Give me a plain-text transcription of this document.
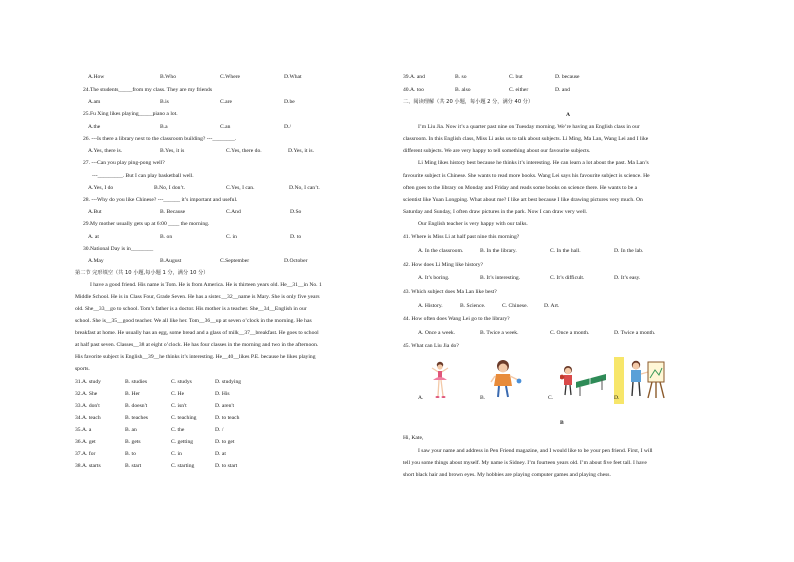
A.How	B.Who	C.Where	D.What
24.The students_____from my class. They are my friends
A.am	B.is	C.are	D.be
25.Fu Xing likes playing_____piano a lot.
A.the	B.a	C.an	D./
26. ---Is there a library next to the classroom building? ---________.
A.Yes, there is.	B.Yes, it is	C.Yes, there do.	D.Yes, it is.
27. ---Can you play ping-pong well?
---_________. But I can play basketball well.
A.Yes, I do	B.No, I don’t.	C.Yes, I can.	D.No, I can’t.
28. ---Why do you like Chinese? ---______ it’s important and useful.
A.But	B. Because	C.And	D.So
29.My mother usually gets up at 6:00 ____ the morning.
A. at	B. on	C. in	D. to
30.National Day is in________
A.May	B.August	C.September	D.October
第二节 完形填空（共 10 小题,每小题 1 分，满分 10 分）
I have a good friend. His name is Tom. He is from America. He is thirteen years old. He__31__in No. 1
Middle School. He is in Class Four, Grade Seven. He has a sister.__32__name is Mary. She is only five years
old. She__33__go to school. Tom’s father is a doctor. His mother is a teacher. She__34__English in our
school. She is__35__good teacher. We all like her. Tom__36__up at seven o’clock in the morning. He has
breakfast at home. He usually has an egg, some bread and a glass of milk__37__breakfast. He goes to school
at half past seven. Classes__38 at eight o’clock. He has four classes in the morning and two in the afternoon.
His favorite subject is English__39__he thinks it’s interesting. He__40__likes P.E. because he likes playing
sports.
31.A. study	B. studies	C. studys	D. studying
32.A. She	B. Her	C. He	D. His
33.A. don't	B. doesn't	C. isn't	D. aren't
34.A. teach	B. teaches	C. teaching	D. to teach
35.A. a	B. an	C. the	D. /
36.A. get	B. gets	C. getting	D. to get
37.A. for	B. to	C. in	D. at
38.A. starts	B. start	C. starting	D. to start
39.A. and	B. so	C. but	D. because
40.A. too	B. also	C. either	D. and
二、阅读理解（共 20 小题，每小题 2 分，满分 40 分）
A
I’m Liu Jia. Now it’s a quarter past nine on Tuesday morning. We’re having an English class in our
classroom. In this English class, Miss Li asks us to talk about subjects. Li Ming, Ma Lan, Wang Lei and I like
different subjects. We are very happy to tell something about our favourite subjects.
Li Ming likes history best because he thinks it’s interesting. He can learn a lot about the past. Ma Lan’s
favourite subject is Chinese. She wants to read more books. Wang Lei says his favourite subject is science. He
often goes to the library on Monday and Friday and reads some books on science there. He wants to be a
scientist like Yuan Longping. What about me? I like art best because I like drawing pictures very much. On
Saturday and Sunday, I often draw pictures in the park. Now I can draw very well.
Our English teacher is very happy with our talks.
41. Where is Miss Li at half past nine this morning?
A. In the classroom.	B. In the library.	C. In the hall.	D. In the lab.
42. How does Li Ming like history?
A. It’s boring.	B. It’s interesting.	C. It’s difficult.	D. It’s easy.
43. Which subject does Ma Lan like best?
A. History.	B. Science.	C. Chinese.	D. Art.
44. How often does Wang Lei go to the library?
A. Once a week.	B. Twice a week.	C. Once a month.	D. Twice a month.
45. What can Liu Jia do?
A.	B.	C.	D.
B
Hi, Kate,
I saw your name and address in Pen Friend magazine, and I would like to be your pen friend. First, I will
tell you some things about myself. My name is Sidney. I’m fourteen years old. I’m about five feet tall. I have
short black hair and brown eyes. My hobbies are playing computer games and playing chess.
